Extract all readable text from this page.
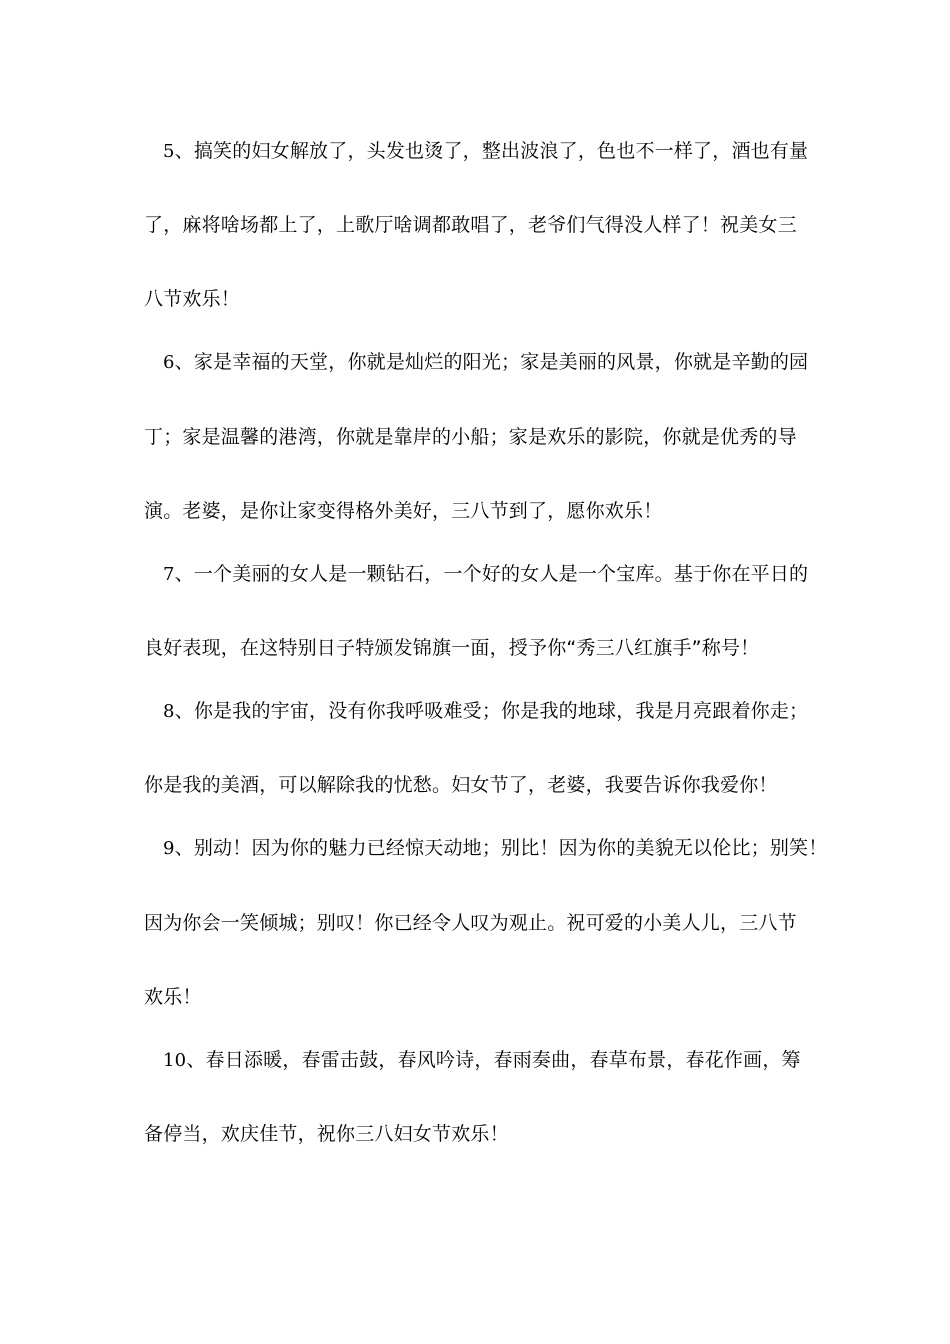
5、搞笑的妇女解放了，头发也烫了，整出波浪了，色也不一样了，酒也有量
了，麻将啥场都上了，上歌厅啥调都敢唱了，老爷们气得没人样了！祝美女三
八节欢乐！
6、家是幸福的天堂，你就是灿烂的阳光；家是美丽的风景，你就是辛勤的园
丁；家是温馨的港湾，你就是靠岸的小船；家是欢乐的影院，你就是优秀的导
演。老婆，是你让家变得格外美好，三八节到了，愿你欢乐！
7、一个美丽的女人是一颗钻石，一个好的女人是一个宝库。基于你在平日的
良好表现，在这特别日子特颁发锦旗一面，授予你“秀三八红旗手”称号！
8、你是我的宇宙，没有你我呼吸难受；你是我的地球，我是月亮跟着你走；
你是我的美酒，可以解除我的忧愁。妇女节了，老婆，我要告诉你我爱你！
9、别动！因为你的魅力已经惊天动地；别比！因为你的美貌无以伦比；别笑！
因为你会一笑倾城；别叹！你已经令人叹为观止。祝可爱的小美人儿，三八节
欢乐！
10、春日添暖，春雷击鼓，春风吟诗，春雨奏曲，春草布景，春花作画，筹
备停当，欢庆佳节，祝你三八妇女节欢乐！
